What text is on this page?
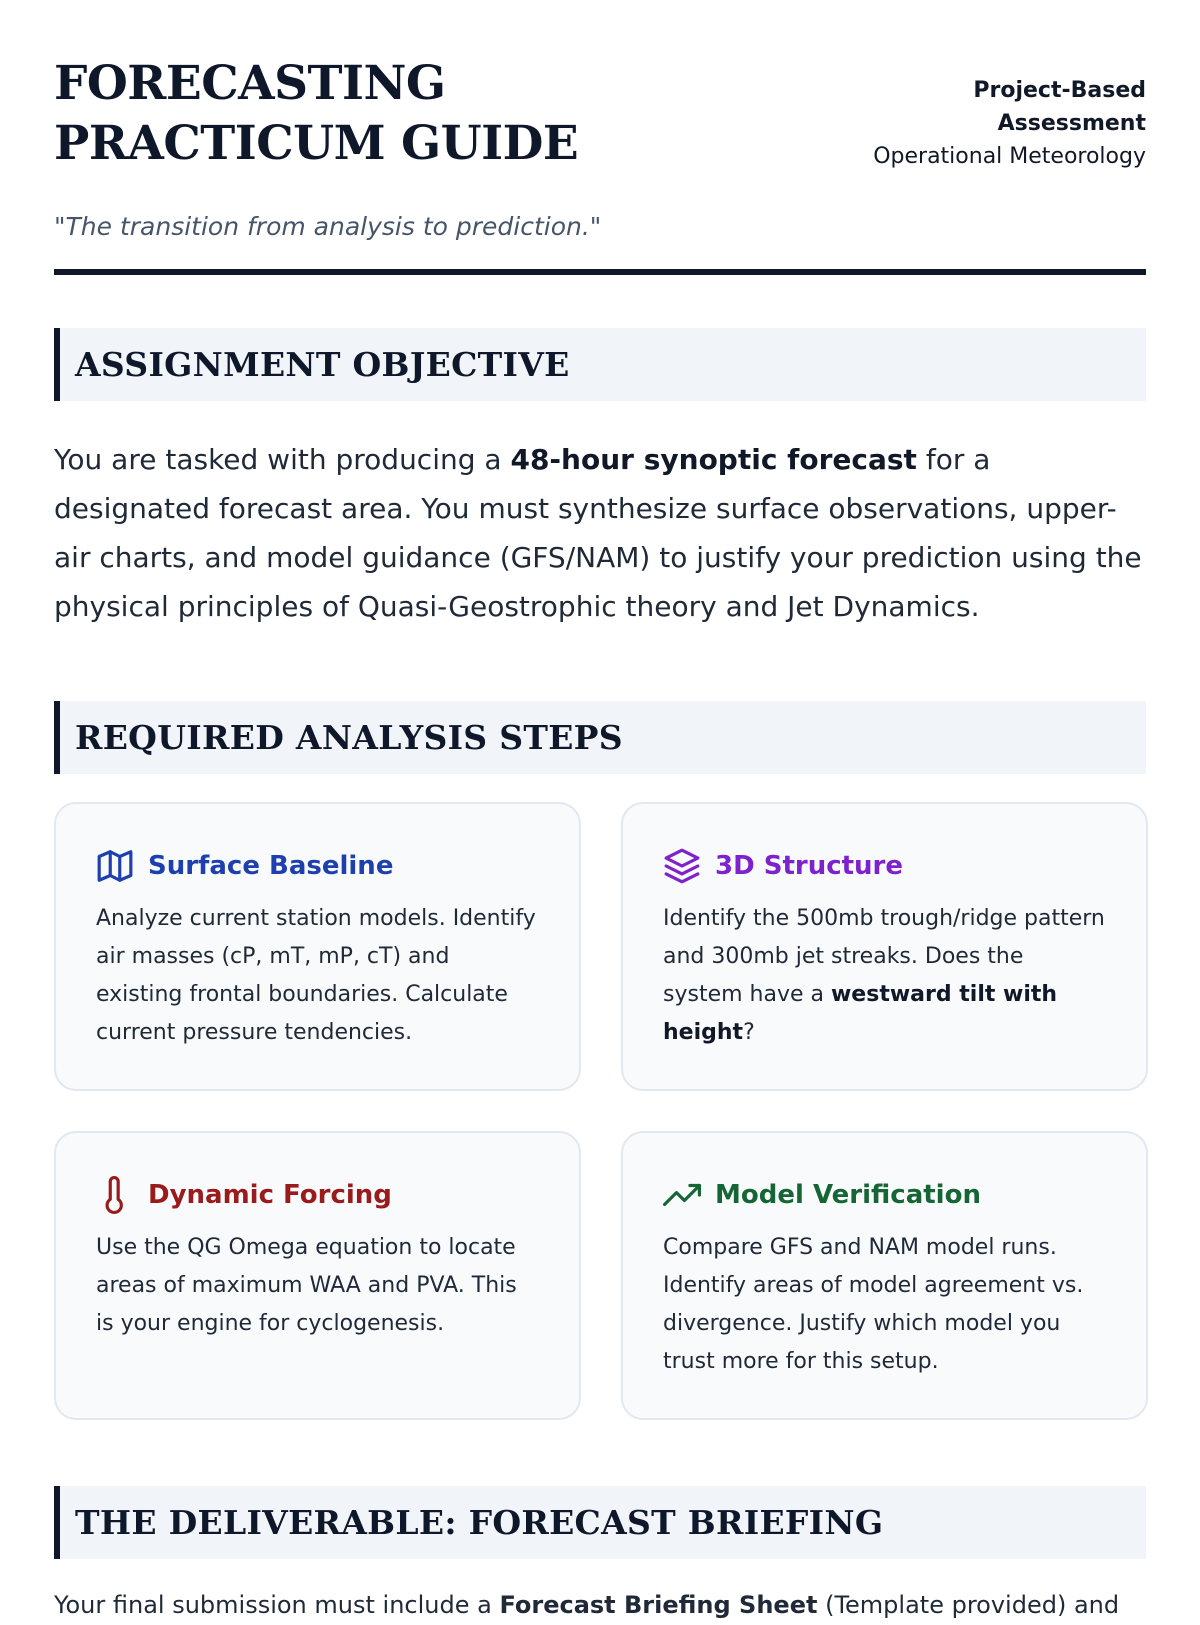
FORECASTING PRACTICUM GUIDE
Project-Based Assessment
Operational Meteorology
"The transition from analysis to prediction."
ASSIGNMENT OBJECTIVE

You are tasked with producing a 48-hour synoptic forecast for a designated forecast area. You must synthesize surface observations, upper-air charts, and model guidance (GFS/NAM) to justify your prediction using the physical principles of Quasi-Geostrophic theory and Jet Dynamics.

REQUIRED ANALYSIS STEPS
Surface Baseline
Analyze current station models. Identify air masses (cP, mT, mP, cT) and existing frontal boundaries. Calculate current pressure tendencies.
3D Structure
Identify the 500mb trough/ridge pattern and 300mb jet streaks. Does the system have a westward tilt with height?
Dynamic Forcing
Use the QG Omega equation to locate areas of maximum WAA and PVA. This is your engine for cyclogenesis.
Model Verification
Compare GFS and NAM model runs. Identify areas of model agreement vs. divergence. Justify which model you trust more for this setup.
THE DELIVERABLE: FORECAST BRIEFING

Your final submission must include a Forecast Briefing Sheet (Template provided) and
